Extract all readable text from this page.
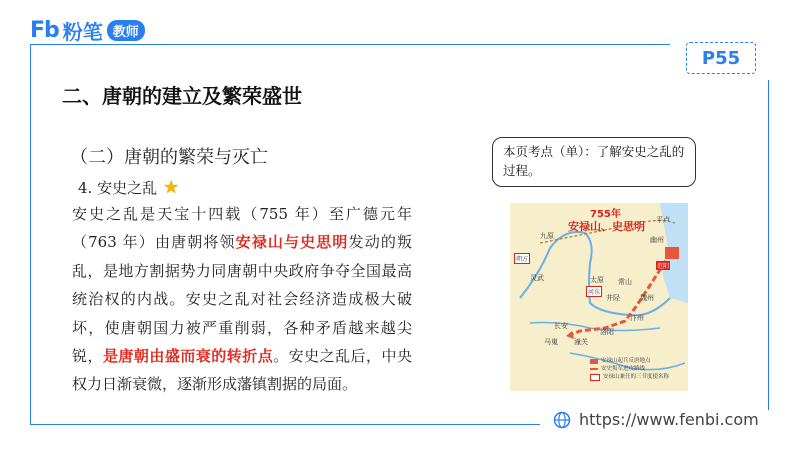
Fb 粉笔 教师
P55
二、唐朝的建立及繁荣盛世
（二）唐朝的繁荣与灭亡
4. 安史之乱 ★
安史之乱是天宝十四载（755 年）至广德元年（763 年）由唐朝将领安禄山与史思明发动的叛乱，是地方割据势力同唐朝中央政府争夺全国最高统治权的内战。安史之乱对社会经济造成极大破坏，使唐朝国力被严重削弱，各种矛盾越来越尖锐，是唐朝由盛而衰的转折点。安史之乱后，中央权力日渐衰微，逐渐形成藩镇割据的局面。
本页考点（单）：了解安史之乱的过程。
755年
安禄山、史思明
九原
灵武	太原 常山
幽州
范阳
平卢
魏州
河东
井陉
汴州
洛阳
长安
马嵬 潼关
朔方
安禄山起兵反唐地点
安史叛军进攻路线
安禄山兼任的三节度使名称
https://www.fenbi.com
